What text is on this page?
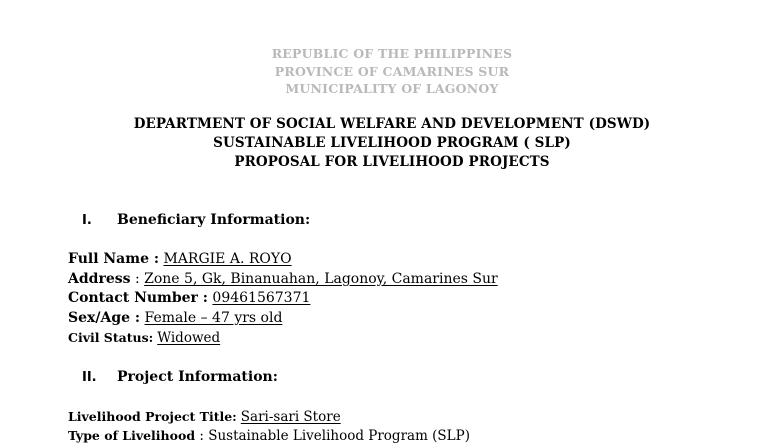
REPUBLIC OF THE PHILIPPINES
PROVINCE OF CAMARINES SUR
MUNICIPALITY OF LAGONOY
DEPARTMENT OF SOCIAL WELFARE AND DEVELOPMENT (DSWD)
SUSTAINABLE LIVELIHOOD PROGRAM ( SLP)
PROPOSAL FOR LIVELIHOOD PROJECTS
I. Beneficiary Information:
Full Name : MARGIE A. ROYO
Address : Zone 5, Gk, Binanuahan, Lagonoy, Camarines Sur
Contact Number : 09461567371
Sex/Age : Female – 47 yrs old
Civil Status: Widowed
II. Project Information:
Livelihood Project Title: Sari-sari Store
Type of Livelihood : Sustainable Livelihood Program (SLP)
